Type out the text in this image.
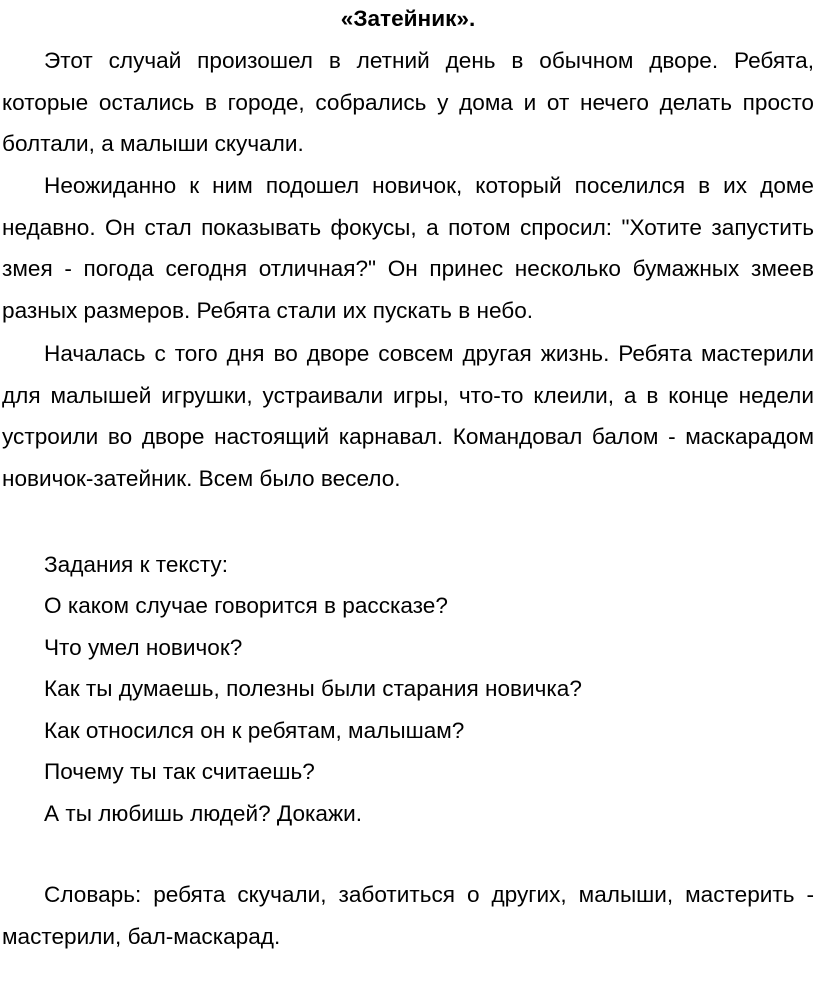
«Затейник».

Этот случай произошел в летний день в обычном дворе. Ребята, которые остались в городе, собрались у дома и от нечего делать просто болтали, а малыши скучали.

Неожиданно к ним подошел новичок, который поселился в их доме недавно. Он стал показывать фокусы, а потом спросил: "Хотите запустить змея - погода сегодня отличная?" Он принес несколько бумажных змеев разных размеров. Ребята стали их пускать в небо.

Началась с того дня во дворе совсем другая жизнь. Ребята мастерили для малышей игрушки, устраивали игры, что-то клеили, а в конце недели устроили во дворе настоящий карнавал. Командовал балом - маскарадом новичок-затейник. Всем было весело.

Задания к тексту:

О каком случае говорится в рассказе?

Что умел новичок?

Как ты думаешь, полезны были старания новичка?

Как относился он к ребятам, малышам?

Почему ты так считаешь?

А ты любишь людей? Докажи.

Словарь: ребята скучали, заботиться о других, малыши, мастерить - мастерили, бал-маскарад.
